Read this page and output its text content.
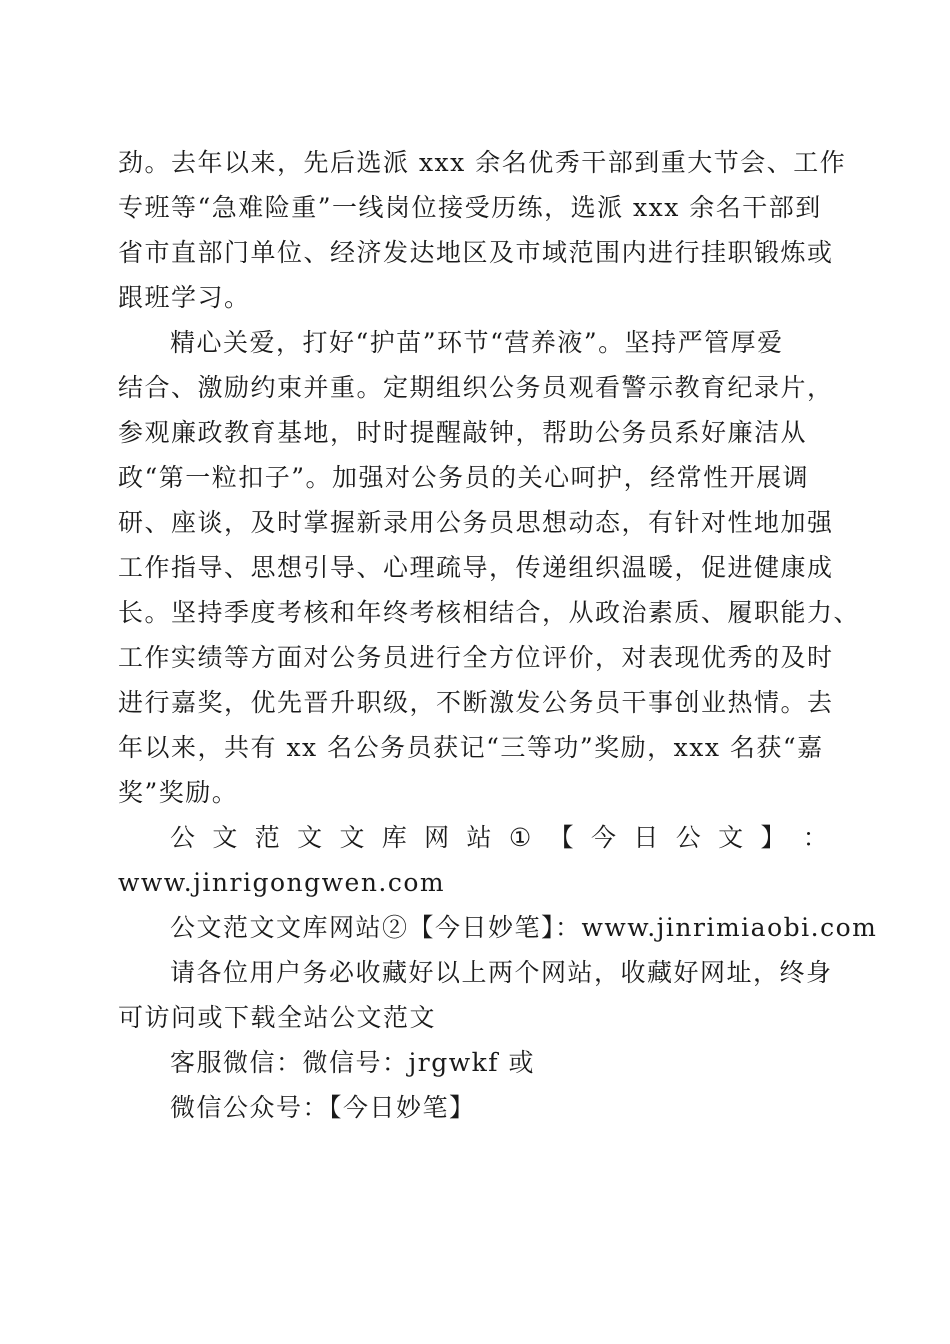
劲。去年以来，先后选派 xxx 余名优秀干部到重大节会、工作
专班等“急难险重”一线岗位接受历练，选派 xxx 余名干部到
省市直部门单位、经济发达地区及市域范围内进行挂职锻炼或
跟班学习。
精心关爱，打好“护苗”环节“营养液”。坚持严管厚爱
结合、激励约束并重。定期组织公务员观看警示教育纪录片，
参观廉政教育基地，时时提醒敲钟，帮助公务员系好廉洁从
政“第一粒扣子”。加强对公务员的关心呵护，经常性开展调
研、座谈，及时掌握新录用公务员思想动态，有针对性地加强
工作指导、思想引导、心理疏导，传递组织温暖，促进健康成
长。坚持季度考核和年终考核相结合，从政治素质、履职能力、
工作实绩等方面对公务员进行全方位评价，对表现优秀的及时
进行嘉奖，优先晋升职级，不断激发公务员干事创业热情。去
年以来，共有 xx 名公务员获记“三等功”奖励，xxx 名获“嘉
奖”奖励。
公 文 范 文 文 库 网 站 ① 【 今 日 公 文 】 ：
www.jinrigongwen.com
公文范文文库网站②【今日妙笔】：www.jinrimiaobi.com
请各位用户务必收藏好以上两个网站，收藏好网址，终身
可访问或下载全站公文范文
客服微信：微信号：jrgwkf 或
微信公众号：【今日妙笔】
